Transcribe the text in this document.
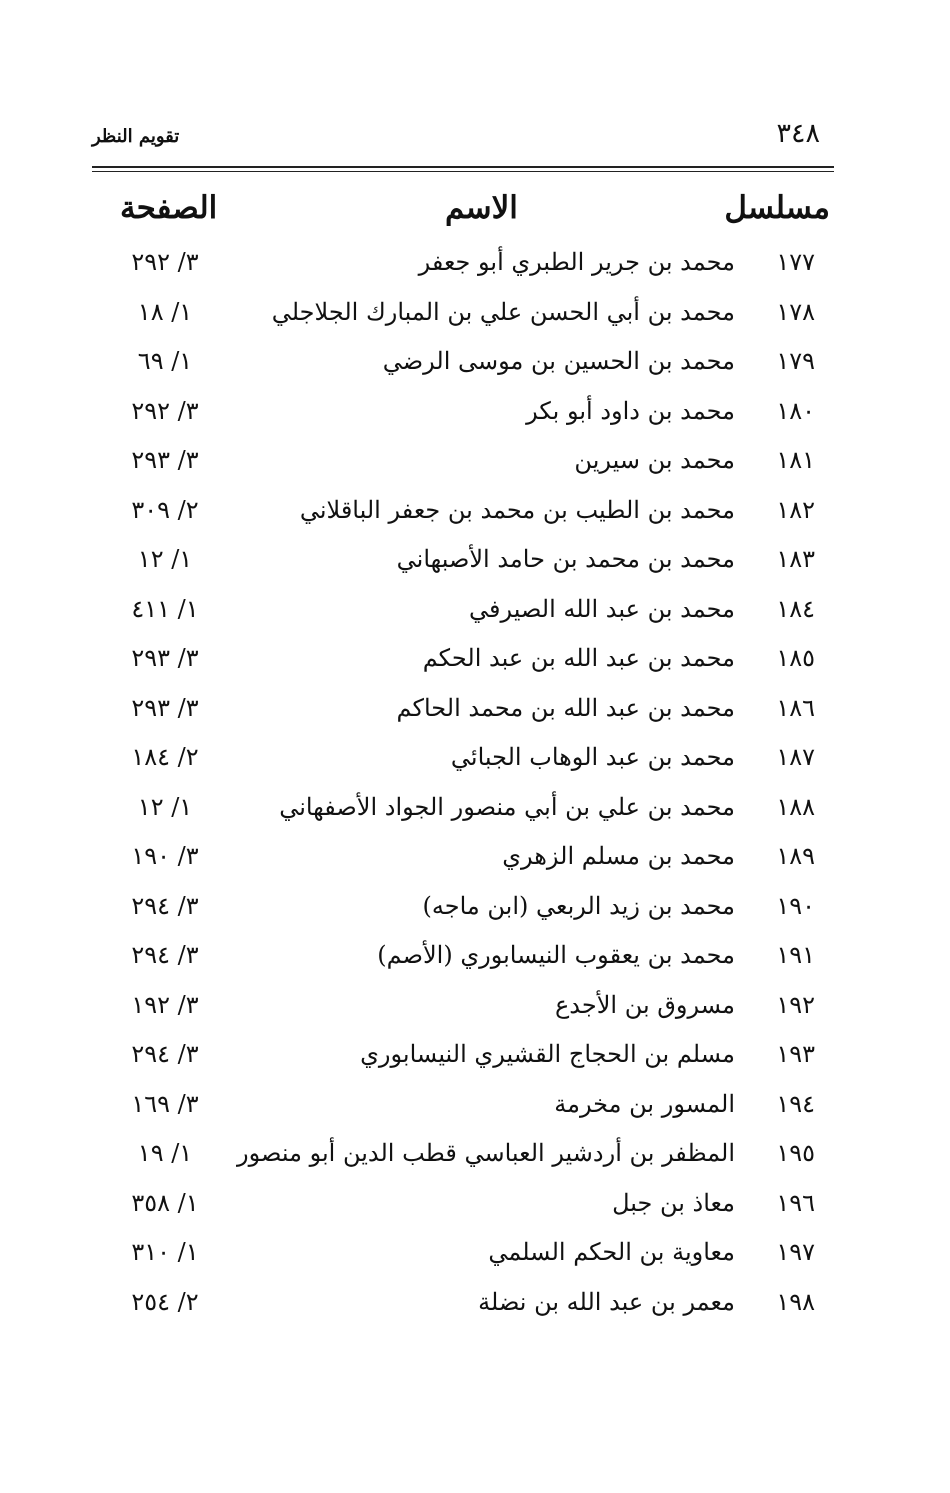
٣٤٨
تقويم النظر
مسلسل
الاسم
الصفحة
١٧٧
محمد بن جرير الطبري أبو جعفر
٣/ ٢٩٢
١٧٨
محمد بن أبي الحسن علي بن المبارك الجلاجلي
١/ ١٨
١٧٩
محمد بن الحسين بن موسى الرضي
١/ ٦٩
١٨٠
محمد بن داود أبو بكر
٣/ ٢٩٢
١٨١
محمد بن سيرين
٣/ ٢٩٣
١٨٢
محمد بن الطيب بن محمد بن جعفر الباقلاني
٢/ ٣٠٩
١٨٣
محمد بن محمد بن حامد الأصبهاني
١/ ١٢
١٨٤
محمد بن عبد الله الصيرفي
١/ ٤١١
١٨٥
محمد بن عبد الله بن عبد الحكم
٣/ ٢٩٣
١٨٦
محمد بن عبد الله بن محمد الحاكم
٣/ ٢٩٣
١٨٧
محمد بن عبد الوهاب الجبائي
٢/ ١٨٤
١٨٨
محمد بن علي بن أبي منصور الجواد الأصفهاني
١/ ١٢
١٨٩
محمد بن مسلم الزهري
٣/ ١٩٠
١٩٠
محمد بن زيد الربعي (ابن ماجه)
٣/ ٢٩٤
١٩١
محمد بن يعقوب النيسابوري (الأصم)
٣/ ٢٩٤
١٩٢
مسروق بن الأجدع
٣/ ١٩٢
١٩٣
مسلم بن الحجاج القشيري النيسابوري
٣/ ٢٩٤
١٩٤
المسور بن مخرمة
٣/ ١٦٩
١٩٥
المظفر بن أردشير العباسي قطب الدين أبو منصور
١/ ١٩
١٩٦
معاذ بن جبل
١/ ٣٥٨
١٩٧
معاوية بن الحكم السلمي
١/ ٣١٠
١٩٨
معمر بن عبد الله بن نضلة
٢/ ٢٥٤
